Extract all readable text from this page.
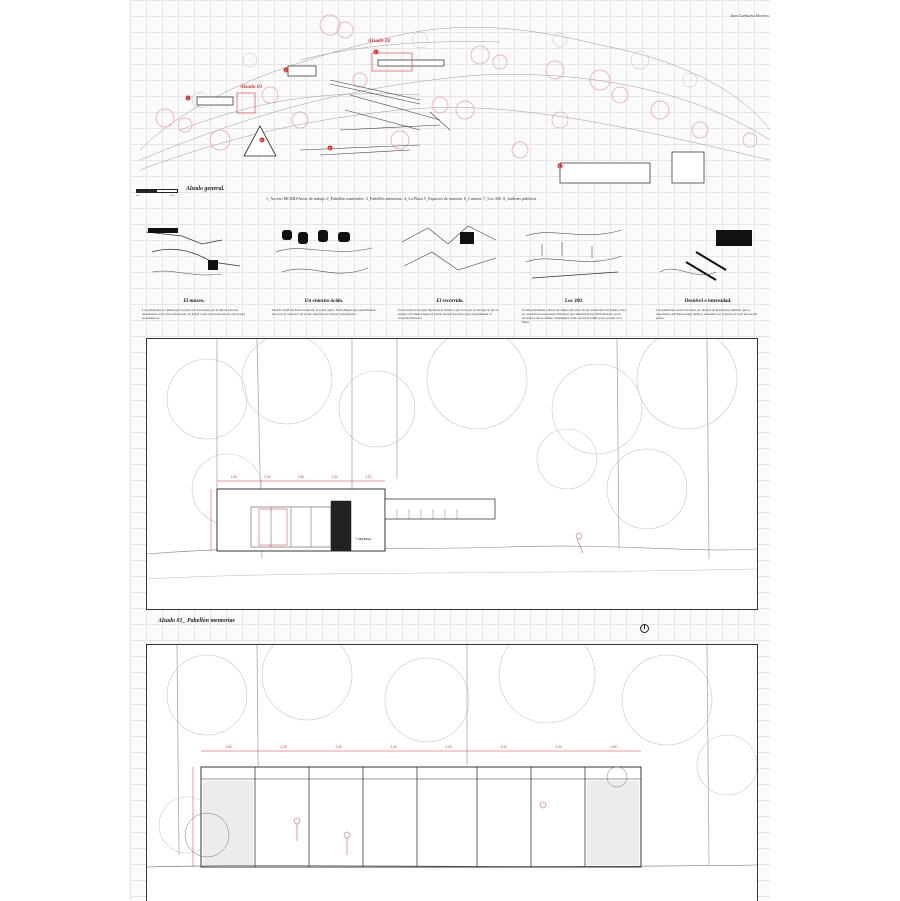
Jaan Carbacho Herrero
1
2
3
4
5
6
7
8
Alzado 02
Alzado 01
0m	20m
Alzado general.
1_Acceso MCMIJ/Areas de trabajo 2_Pabellón materiales. 3_Pabellón memorias. 4_La Plaza 5_Espacios de reunión. 6_Cantera. 7_Los 300. 8_Jardines públicos.
El museo.
Los pabellones se sumban por el paisa en el descenso por el museo para ser descubiertos en la vista inesperada. Se deben a que se las buscado los claros para no entorpecer.
Un entorno ácido.
Debido al pH tan ácido el entorno se torna rojizo. El hormigón que experimentan las rocas al contacto con el aire adquiere un carácter performativo.
El recorrido.
El recorrido es de gran importancia debido a que es el que se encarga de que el entorno del museo llegue al estado natural necesario para experimentar el recorrido histórico.
Los 300.
Es una plataforma a modo de campo que sirve de eje vertebrador del museo. Para su creación son necesarios 300 pasos que simbolizan los 300 fallecidos en los escenarios del accidente. Ordenamos como recorrido íntimo para acceder a La Plaza.
Desnivel e intensidad.
Los pabellones están colocados por niveles de intensidad, teniendo que la experiencia del museo tenga dueña y entendido por la suave de cada uno de sus partes.
2,40	2,40	2,40	2,40	1,20
+ 316,60 m
Alzado 01_ Pabellón memorias
1,80	2,20	2,40	2,40	2,40	2,40	2,40	1,80
